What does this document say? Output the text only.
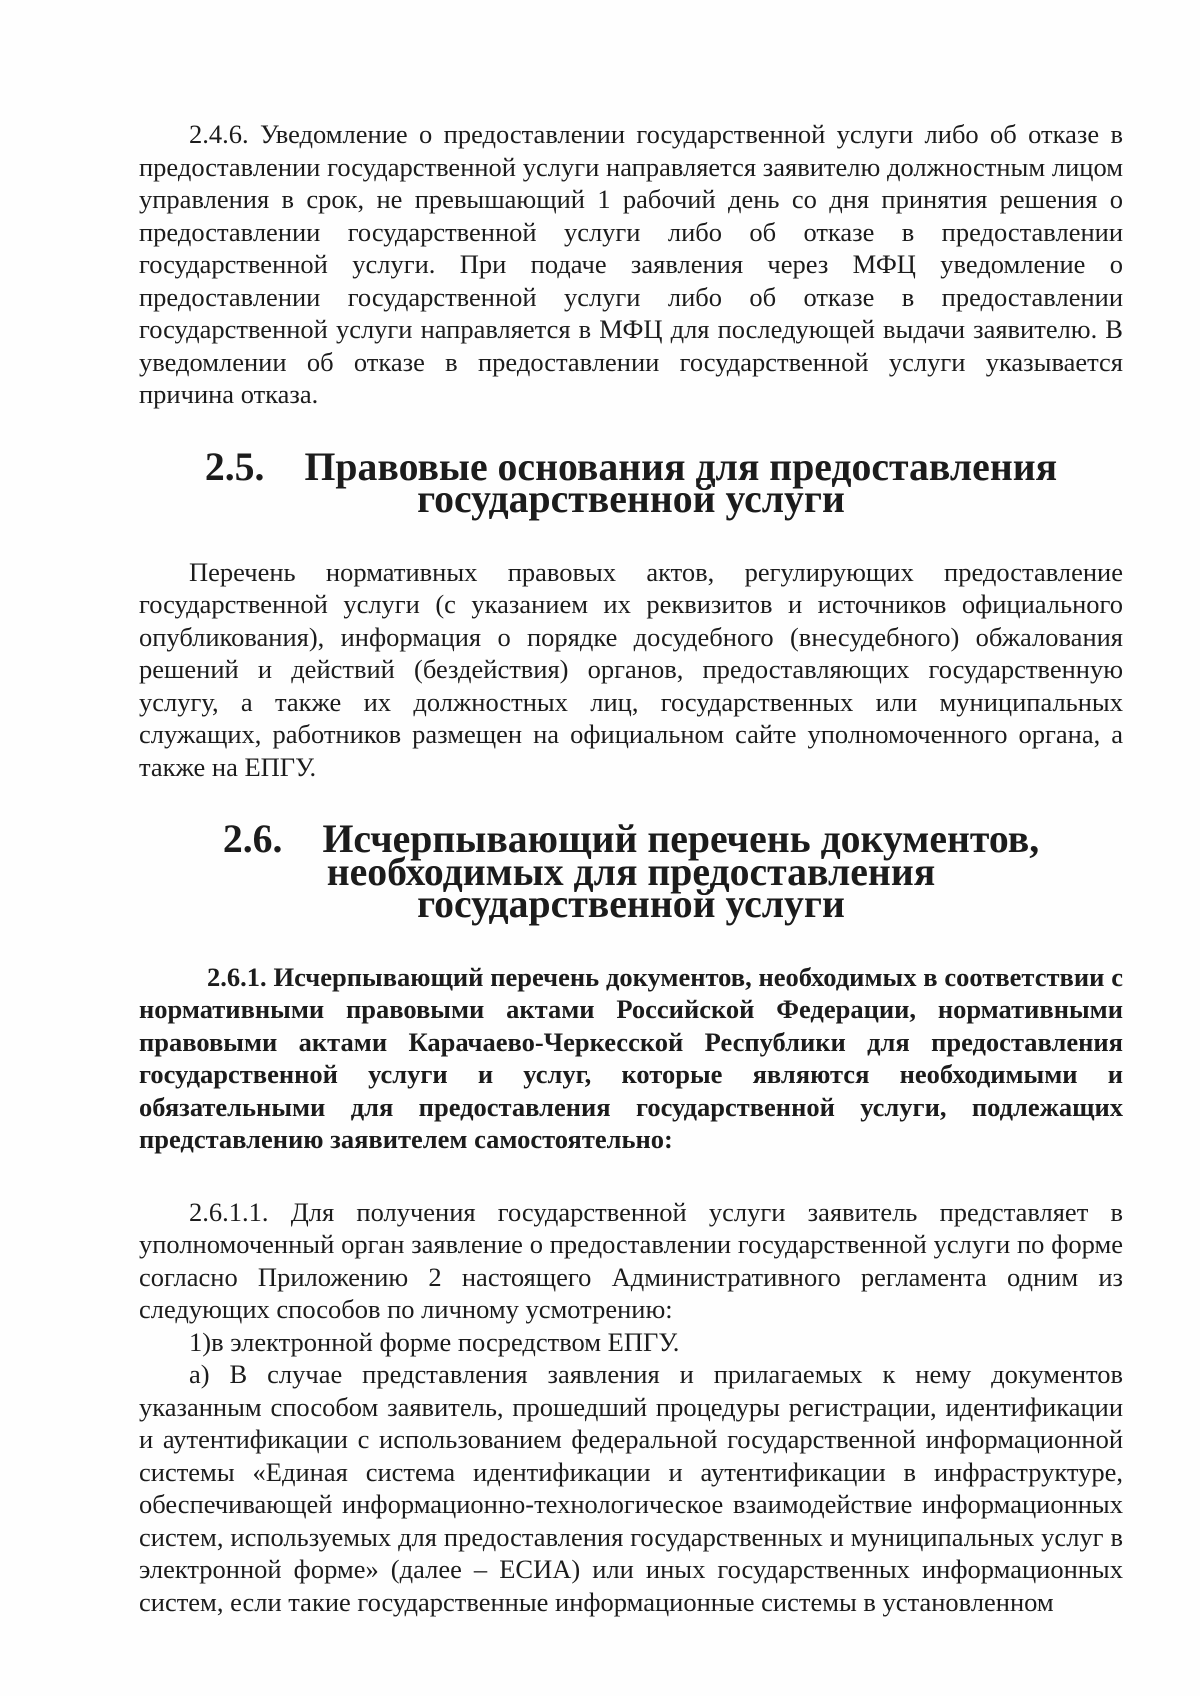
2.4.6. Уведомление о предоставлении государственной услуги либо об отказе в предоставлении государственной услуги направляется заявителю должностным лицом управления в срок, не превышающий 1 рабочий день со дня принятия решения о предоставлении государственной услуги либо об отказе в предоставлении государственной услуги. При подаче заявления через МФЦ уведомление о предоставлении государственной услуги либо об отказе в предоставлении государственной услуги направляется в МФЦ для последующей выдачи заявителю. В уведомлении об отказе в предоставлении государственной услуги указывается причина отказа.

2.5. Правовые основания для предоставления государственной услуги

Перечень нормативных правовых актов, регулирующих предоставление государственной услуги (с указанием их реквизитов и источников официального опубликования), информация о порядке досудебного (внесудебного) обжалования решений и действий (бездействия) органов, предоставляющих государственную услугу, а также их должностных лиц, государственных или муниципальных служащих, работников размещен на официальном сайте уполномоченного органа, а также на ЕПГУ.

2.6. Исчерпывающий перечень документов, необходимых для предоставления государственной услуги

2.6.1. Исчерпывающий перечень документов, необходимых в соответствии с нормативными правовыми актами Российской Федерации, нормативными правовыми актами Карачаево-Черкесской Республики для предоставления государственной услуги и услуг, которые являются необходимыми и обязательными для предоставления государственной услуги, подлежащих представлению заявителем самостоятельно:

2.6.1.1. Для получения государственной услуги заявитель представляет в уполномоченный орган заявление о предоставлении государственной услуги по форме согласно Приложению 2 настоящего Административного регламента одним из следующих способов по личному усмотрению:

1)в электронной форме посредством ЕПГУ.

а) В случае представления заявления и прилагаемых к нему документов указанным способом заявитель, прошедший процедуры регистрации, идентификации и аутентификации с использованием федеральной государственной информационной системы «Единая система идентификации и аутентификации в инфраструктуре, обеспечивающей информационно-технологическое взаимодействие информационных систем, используемых для предоставления государственных и муниципальных услуг в электронной форме» (далее – ЕСИА) или иных государственных информационных систем, если такие государственные информационные системы в установленном
